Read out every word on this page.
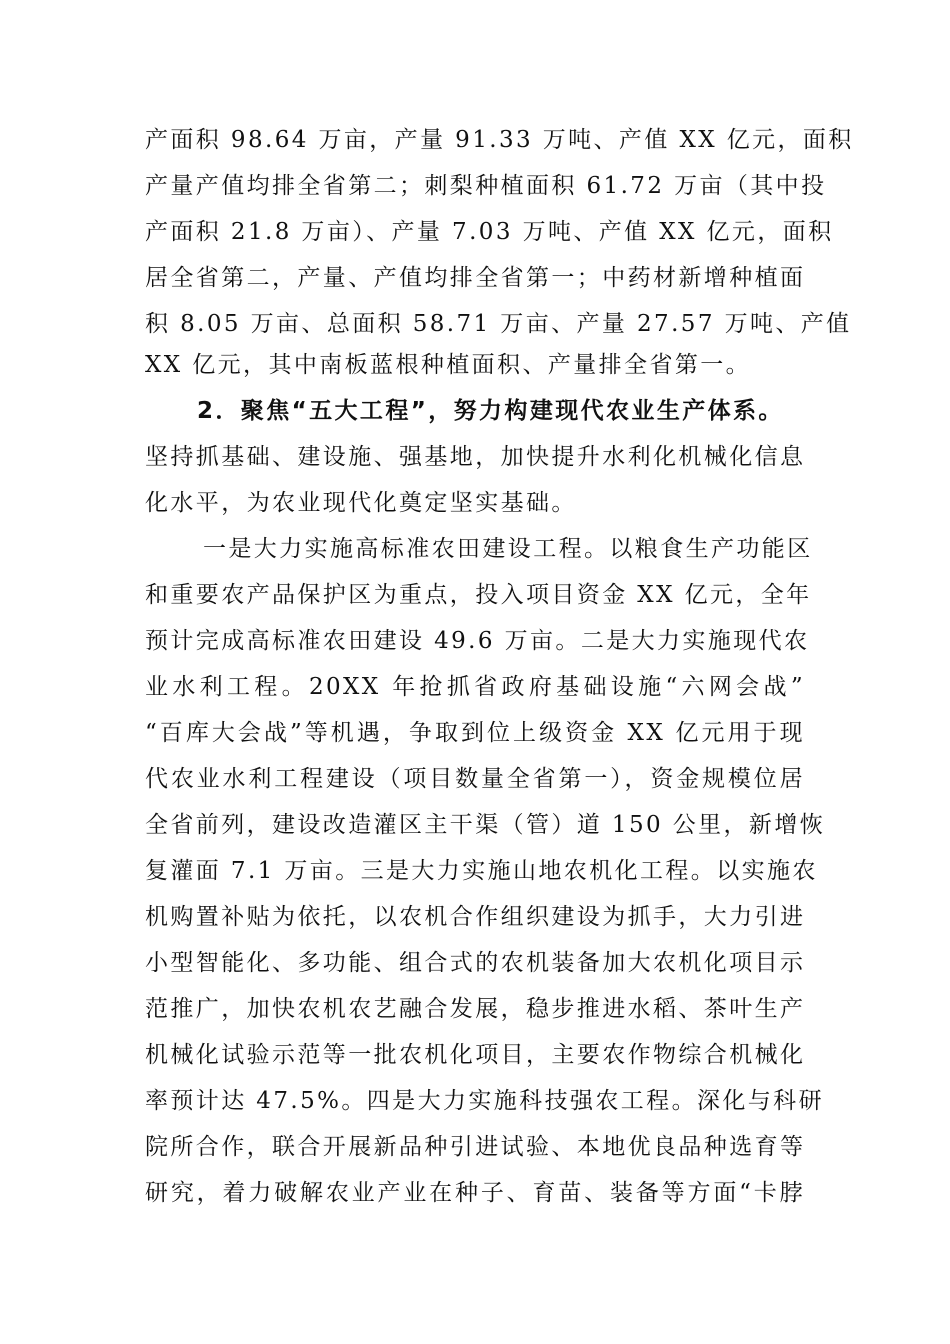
产面积 98.64 万亩，产量 91.33 万吨、产值 XX 亿元，面积
产量产值均排全省第二；刺梨种植面积 61.72 万亩（其中投
产面积 21.8 万亩）、产量 7.03 万吨、产值 XX 亿元，面积
居全省第二，产量、产值均排全省第一；中药材新增种植面
积 8.05 万亩、总面积 58.71 万亩、产量 27.57 万吨、产值
XX 亿元，其中南板蓝根种植面积、产量排全省第一。
2．聚焦“五大工程”，努力构建现代农业生产体系。
坚持抓基础、建设施、强基地，加快提升水利化机械化信息
化水平，为农业现代化奠定坚实基础。
一是大力实施高标准农田建设工程。以粮食生产功能区
和重要农产品保护区为重点，投入项目资金 XX 亿元，全年
预计完成高标准农田建设 49.6 万亩。二是大力实施现代农
业水利工程。20XX 年抢抓省政府基础设施“六网会战”
“百库大会战”等机遇，争取到位上级资金 XX 亿元用于现
代农业水利工程建设（项目数量全省第一），资金规模位居
全省前列，建设改造灌区主干渠（管）道 150 公里，新增恢
复灌面 7.1 万亩。三是大力实施山地农机化工程。以实施农
机购置补贴为依托，以农机合作组织建设为抓手，大力引进
小型智能化、多功能、组合式的农机装备加大农机化项目示
范推广，加快农机农艺融合发展，稳步推进水稻、茶叶生产
机械化试验示范等一批农机化项目，主要农作物综合机械化
率预计达 47.5%。四是大力实施科技强农工程。深化与科研
院所合作，联合开展新品种引进试验、本地优良品种选育等
研究，着力破解农业产业在种子、育苗、装备等方面“卡脖
